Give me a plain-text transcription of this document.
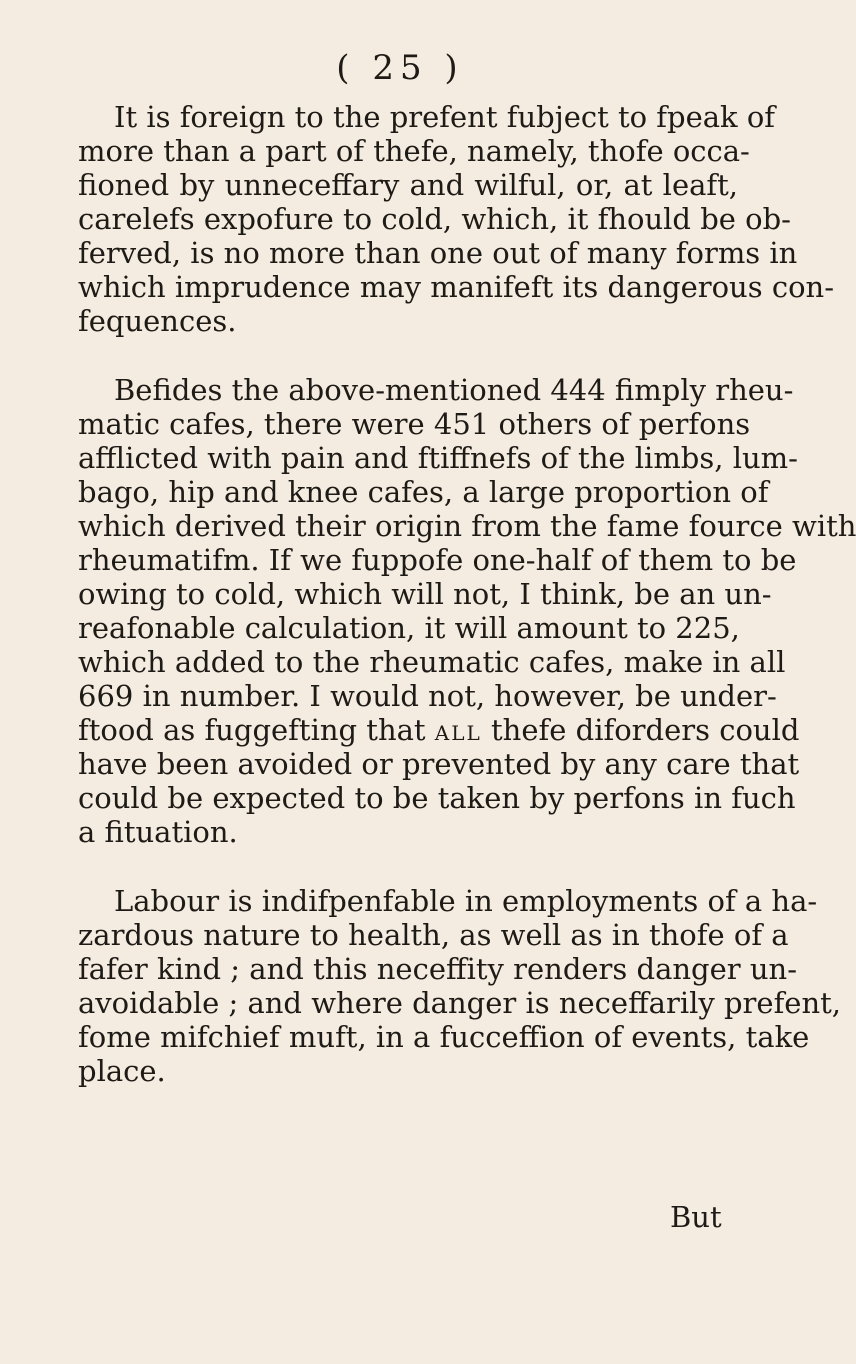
( 25 )
It is foreign to the prefent fubject to fpeak of
more than a part of thefe, namely, thofe occa-
fioned by unneceffary and wilful, or, at leaft,
carelefs expofure to cold, which, it fhould be ob-
ferved, is no more than one out of many forms in
which imprudence may manifeft its dangerous con-
fequences.
Befides the above-mentioned 444 fimply rheu-
matic cafes, there were 451 others of perfons
afflicted with pain and ftiffnefs of the limbs, lum-
bago, hip and knee cafes, a large proportion of
which derived their origin from the fame fource with
rheumatifm. If we fuppofe one-half of them to be
owing to cold, which will not, I think, be an un-
reafonable calculation, it will amount to 225,
which added to the rheumatic cafes, make in all
669 in number. I would not, however, be under-
ftood as fuggefting that all thefe diforders could
have been avoided or prevented by any care that
could be expected to be taken by perfons in fuch
a fituation.
Labour is indifpenfable in employments of a ha-
zardous nature to health, as well as in thofe of a
fafer kind ; and this neceffity renders danger un-
avoidable ; and where danger is neceffarily prefent,
fome mifchief muft, in a fucceffion of events, take
place.
But
